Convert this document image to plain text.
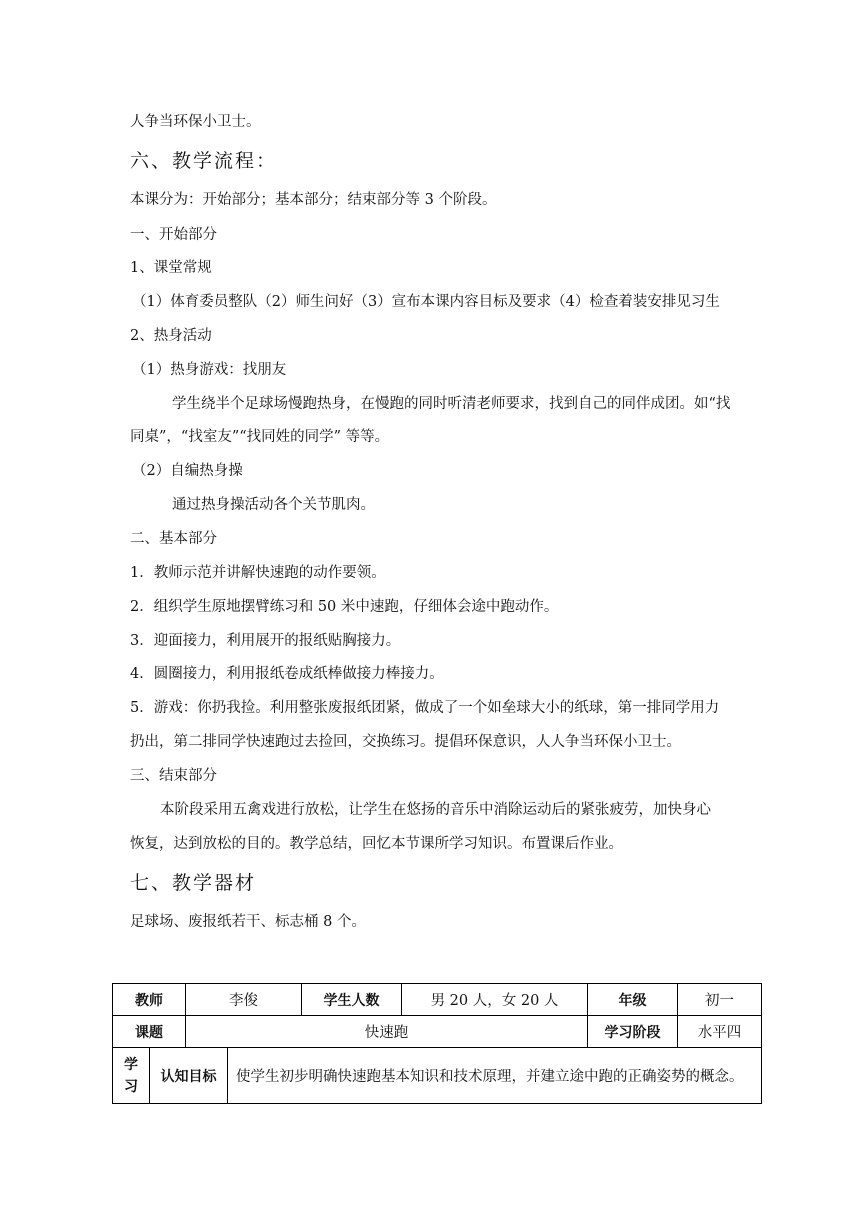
人争当环保小卫士。
六、教学流程：
本课分为：开始部分；基本部分；结束部分等 3 个阶段。
一、开始部分
1、课堂常规
（1）体育委员整队（2）师生问好（3）宣布本课内容目标及要求（4）检查着装安排见习生
2、热身活动
（1）热身游戏：找朋友
学生绕半个足球场慢跑热身，在慢跑的同时听清老师要求，找到自己的同伴成团。如“找
同桌”，“找室友”“找同姓的同学” 等等。
（2）自编热身操
通过热身操活动各个关节肌肉。
二、基本部分
1．教师示范并讲解快速跑的动作要领。
2．组织学生原地摆臂练习和 50 米中速跑，仔细体会途中跑动作。
3．迎面接力，利用展开的报纸贴胸接力。
4．圆圈接力，利用报纸卷成纸棒做接力棒接力。
5．游戏：你扔我捡。利用整张废报纸团紧，做成了一个如垒球大小的纸球，第一排同学用力
扔出，第二排同学快速跑过去捡回，交换练习。提倡环保意识，人人争当环保小卫士。
三、结束部分
本阶段采用五禽戏进行放松，让学生在悠扬的音乐中消除运动后的紧张疲劳，加快身心
恢复，达到放松的目的。教学总结，回忆本节课所学习知识。布置课后作业。
七、教学器材
足球场、废报纸若干、标志桶 8 个。
教师	李俊	学生人数	男 20 人，女 20 人	年级	初一
课题	快速跑			学习阶段	水平四
学
习	认知目标	使学生初步明确快速跑基本知识和技术原理，并建立途中跑的正确姿势的概念。
